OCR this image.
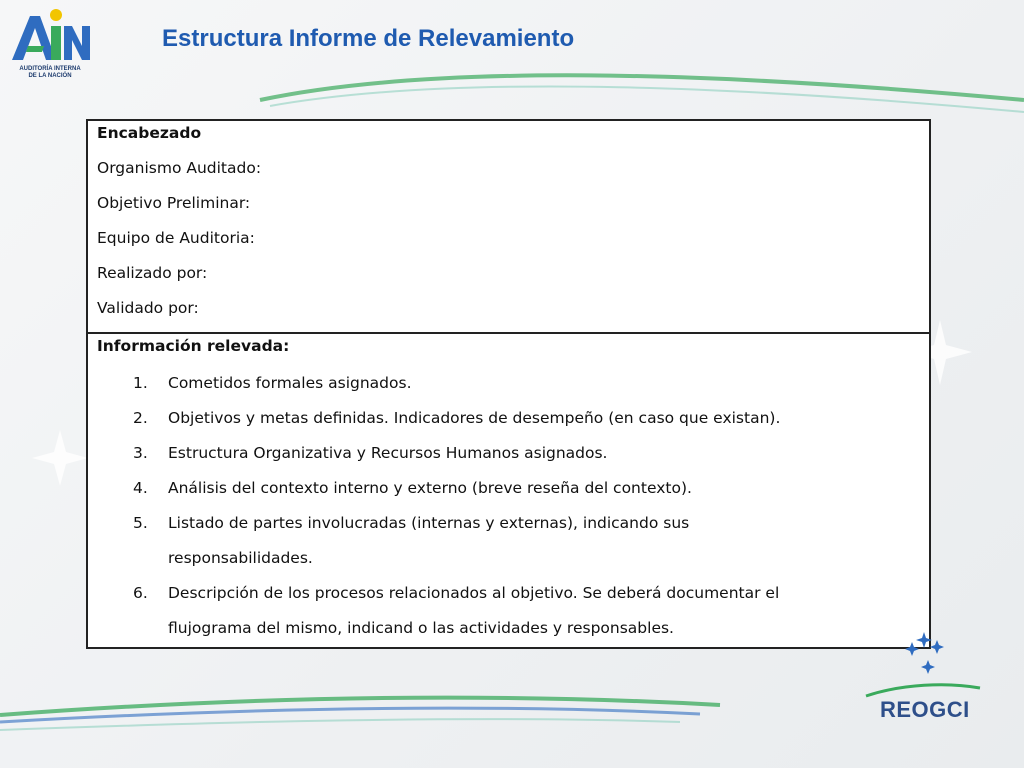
AUDITORÍA INTERNA
DE LA NACIÓN
Estructura Informe de Relevamiento
Encabezado
Organismo Auditado:
Objetivo Preliminar:
Equipo de Auditoria:
Realizado por:
Validado por:
Información relevada:
1. Cometidos formales asignados.
2. Objetivos y metas definidas. Indicadores de desempeño (en caso que existan).
3. Estructura Organizativa y Recursos Humanos asignados.
4. Análisis del contexto interno y externo (breve reseña del contexto).
5. Listado de partes involucradas (internas y externas), indicando sus
responsabilidades.
6. Descripción de los procesos relacionados al objetivo. Se deberá documentar el
flujograma del mismo, indicand o las actividades y responsables.
REOGCI
